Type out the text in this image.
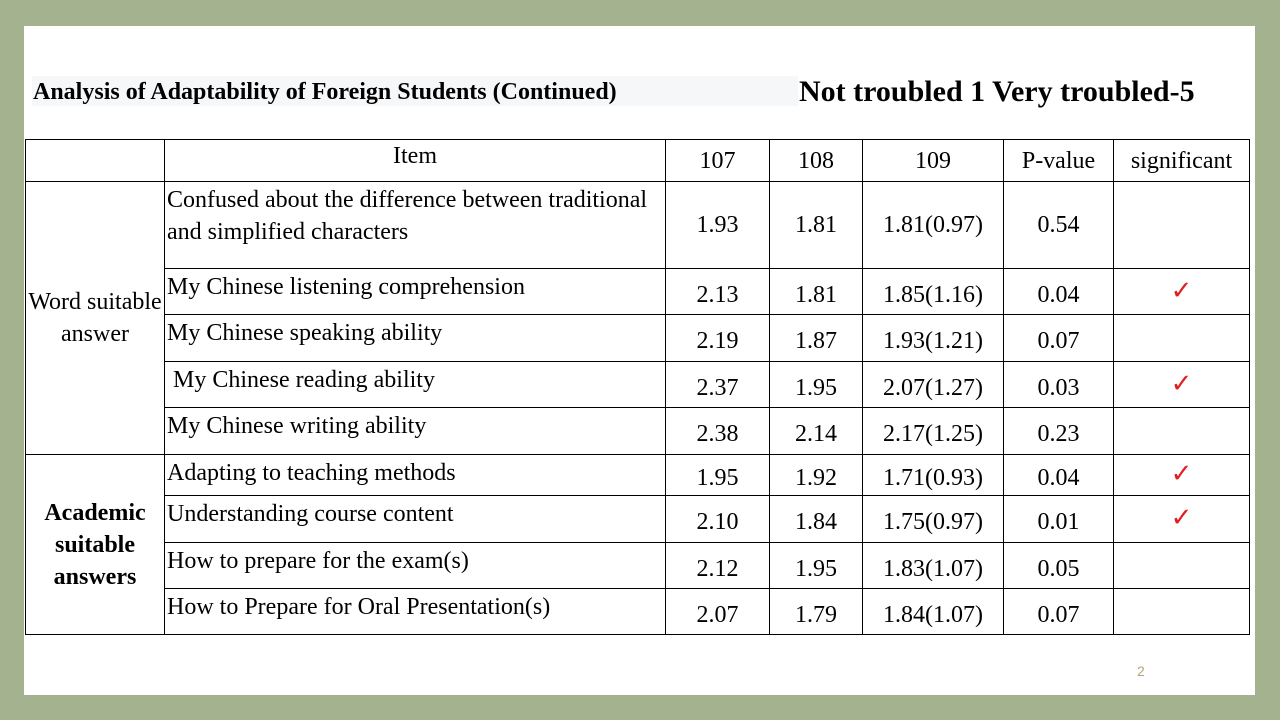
Analysis of Adaptability of Foreign Students (Continued)	Not troubled 1 Very troubled-5
	Item	107	108	109	P-value	significant
Word suitable answer	Confused about the difference between traditional and simplified characters	1.93	1.81	1.81(0.97)	0.54	
	My Chinese listening comprehension	2.13	1.81	1.85(1.16)	0.04	✓
	My Chinese speaking ability	2.19	1.87	1.93(1.21)	0.07	
	My Chinese reading ability	2.37	1.95	2.07(1.27)	0.03	✓
	My Chinese writing ability	2.38	2.14	2.17(1.25)	0.23	
Academic suitable answers	Adapting to teaching methods	1.95	1.92	1.71(0.93)	0.04	✓
	Understanding course content	2.10	1.84	1.75(0.97)	0.01	✓
	How to prepare for the exam(s)	2.12	1.95	1.83(1.07)	0.05	
	How to Prepare for Oral Presentation(s)	2.07	1.79	1.84(1.07)	0.07	
2
